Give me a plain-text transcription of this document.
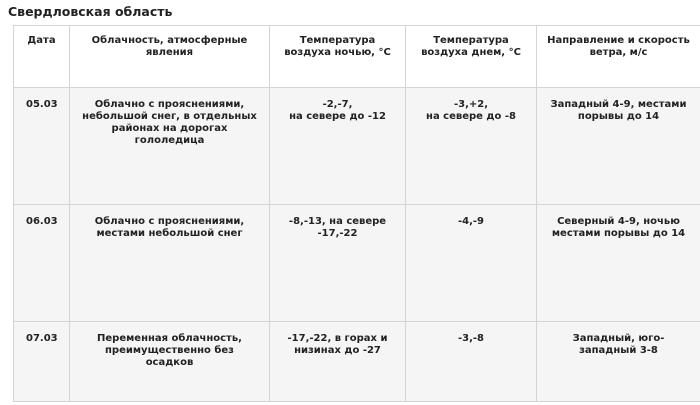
Свердловская область
Дата	Облачность, атмосферные
явления	Температура
воздуха ночью, °С	Температура
воздуха днем, °С	Направление и скорость
ветра, м/с

05.03	Облачно с прояснениями,
небольшой снег, в отдельных
районах на дорогах
гололедица	-2,-7,
на севере до -12	-3,+2,
на севере до -8	Западный 4-9, местами
порывы до 14

06.03	Облачно с прояснениями,
местами небольшой снег	-8,-13, на севере
-17,-22	-4,-9	Северный 4-9, ночью
местами порывы до 14

07.03	Переменная облачность,
преимущественно без
осадков	-17,-22, в горах и
низинах до -27	-3,-8	Западный, юго-
западный 3-8
